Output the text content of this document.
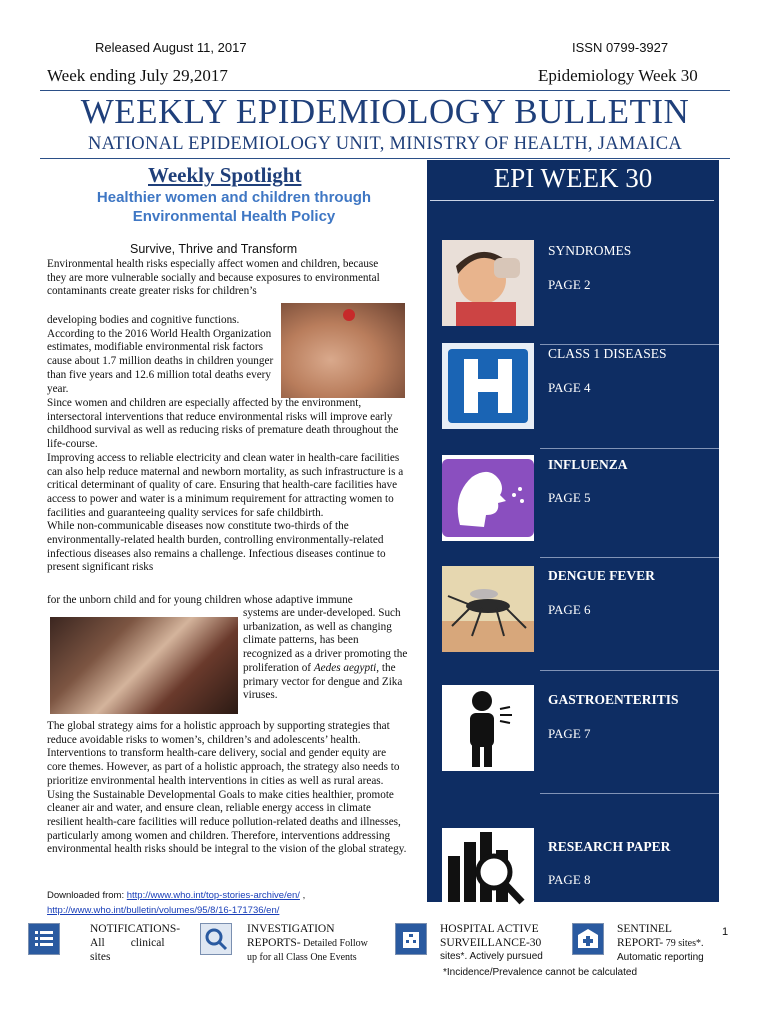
Released August 11, 2017	ISSN 0799-3927
Week ending July 29,2017	Epidemiology Week 30
WEEKLY EPIDEMIOLOGY BULLETIN
NATIONAL EPIDEMIOLOGY UNIT, MINISTRY OF HEALTH, JAMAICA
Weekly Spotlight
Healthier women and children through Environmental Health Policy
Survive, Thrive and Transform
Environmental health risks especially affect women and children, because they are more vulnerable socially and because exposures to environmental contaminants create greater risks for children’s
developing bodies and cognitive functions. According to the 2016 World Health Organization estimates, modifiable environmental risk factors cause about 1.7 million deaths in children younger than five years and 12.6 million total deaths every year.
Since women and children are especially affected by the environment, intersectoral interventions that reduce environmental risks will improve early childhood survival as well as reducing risks of premature death throughout the life-course.
Improving access to reliable electricity and clean water in health-care facilities can also help reduce maternal and newborn mortality, as such infrastructure is a critical determinant of quality of care. Ensuring that health-care facilities have access to power and water is a minimum requirement for attracting women to facilities and guaranteeing quality services for safe childbirth.
While non-communicable diseases now constitute two-thirds of the environmentally-related health burden, controlling environmentally-related infectious diseases also remains a challenge. Infectious diseases continue to present significant risks
for the unborn child and for young children whose adaptive immune
systems are under-developed. Such urbanization, as well as changing climate patterns, has been recognized as a driver promoting the proliferation of Aedes aegypti, the primary vector for dengue and Zika viruses.
The global strategy aims for a holistic approach by supporting strategies that reduce avoidable risks to women’s, children’s and adolescents’ health. Interventions to transform health-care delivery, social and gender equity are core themes. However, as part of a holistic approach, the strategy also needs to prioritize environmental health interventions in cities as well as rural areas.
Using the Sustainable Developmental Goals to make cities healthier, promote cleaner air and water, and ensure clean, reliable energy access in climate resilient health-care facilities will reduce pollution-related deaths and illnesses, particularly among women and children. Therefore, interventions addressing environmental health risks should be integral to the vision of the global strategy.
Downloaded from: http://www.who.int/top-stories-archive/en/ ,
http://www.who.int/bulletin/volumes/95/8/16-171736/en/
EPI WEEK 30
SYNDROMES
PAGE 2
CLASS 1 DISEASES
PAGE 4
INFLUENZA
PAGE 5
DENGUE FEVER
PAGE 6
GASTROENTERITIS
PAGE 7
RESEARCH PAPER
PAGE 8
NOTIFICATIONS-
All clinical
sites
INVESTIGATION
REPORTS- Detailed Follow
up for all Class One Events
HOSPITAL ACTIVE
SURVEILLANCE-30
sites*. Actively pursued
SENTINEL
REPORT- 79 sites*.
Automatic reporting
1
*Incidence/Prevalence cannot be calculated
